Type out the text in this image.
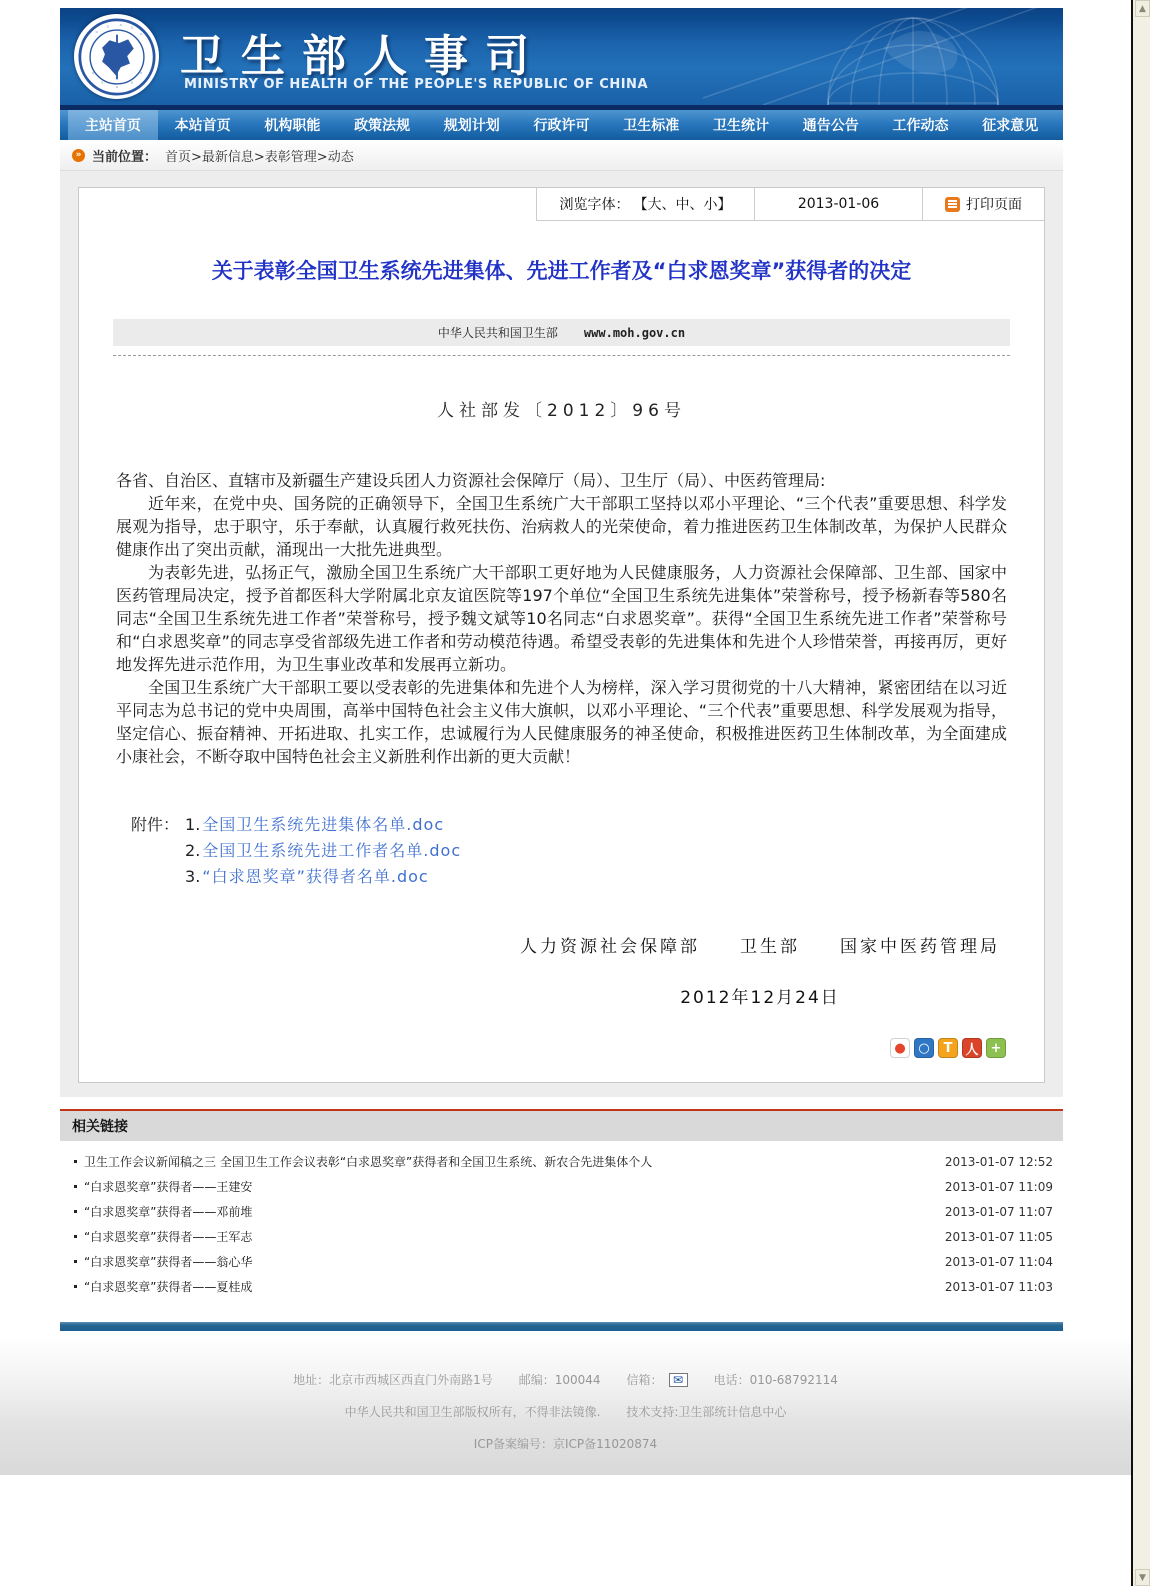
◦
◦ ◦ ◦
◦
◦
◦
◦
◦
◦ 卫生部人事司
MINISTRY OF HEALTH OF THE PEOPLE'S REPUBLIC OF CHINA
主站首页 本站首页 机构职能 政策法规 规划计划 行政许可 卫生标准 卫生统计 通告公告 工作动态 征求意见
» 当前位置： 首页>最新信息>表彰管理>动态
浏览字体： 【大、中、小】	2013-01-06	打印页面
关于表彰全国卫生系统先进集体、先进工作者及“白求恩奖章”获得者的决定
中华人民共和国卫生部 www.moh.gov.cn
人社部发〔2012〕96号

各省、自治区、直辖市及新疆生产建设兵团人力资源社会保障厅（局）、卫生厅（局）、中医药管理局:

近年来，在党中央、国务院的正确领导下，全国卫生系统广大干部职工坚持以邓小平理论、“三个代表”重要思想、科学发展观为指导，忠于职守，乐于奉献，认真履行救死扶伤、治病救人的光荣使命，着力推进医药卫生体制改革，为保护人民群众健康作出了突出贡献，涌现出一大批先进典型。

为表彰先进，弘扬正气，激励全国卫生系统广大干部职工更好地为人民健康服务，人力资源社会保障部、卫生部、国家中医药管理局决定，授予首都医科大学附属北京友谊医院等197个单位“全国卫生系统先进集体”荣誉称号，授予杨新春等580名同志“全国卫生系统先进工作者”荣誉称号，授予魏文斌等10名同志“白求恩奖章”。获得“全国卫生系统先进工作者”荣誉称号和“白求恩奖章”的同志享受省部级先进工作者和劳动模范待遇。希望受表彰的先进集体和先进个人珍惜荣誉，再接再厉，更好地发挥先进示范作用，为卫生事业改革和发展再立新功。

全国卫生系统广大干部职工要以受表彰的先进集体和先进个人为榜样，深入学习贯彻党的十八大精神，紧密团结在以习近平同志为总书记的党中央周围，高举中国特色社会主义伟大旗帜，以邓小平理论、“三个代表”重要思想、科学发展观为指导，坚定信心、振奋精神、开拓进取、扎实工作，忠诚履行为人民健康服务的神圣使命，积极推进医药卫生体制改革，为全面建成小康社会，不断夺取中国特色社会主义新胜利作出新的更大贡献！

附件： 1. 全国卫生系统先进集体名单.doc
2. 全国卫生系统先进工作者名单.doc
3. “白求恩奖章”获得者名单.doc
人力资源社会保障部　　卫生部　　国家中医药管理局
2012年12月24日
● ○	T	人 +
相关链接
卫生工作会议新闻稿之三 全国卫生工作会议表彰“白求恩奖章”获得者和全国卫生系统、新农合先进集体个人	2013-01-07 12:52
“白求恩奖章”获得者——王建安	2013-01-07 11:09
“白求恩奖章”获得者——邓前堆	2013-01-07 11:07
“白求恩奖章”获得者——王军志	2013-01-07 11:05
“白求恩奖章”获得者——翁心华	2013-01-07 11:04
“白求恩奖章”获得者——夏桂成	2013-01-07 11:03
地址：北京市西城区西直门外南路1号 邮编：100044 信箱： ✉	电话：010-68792114
中华人民共和国卫生部版权所有，不得非法镜像. 技术支持:卫生部统计信息中心
ICP备案编号：京ICP备11020874
▲
▼
